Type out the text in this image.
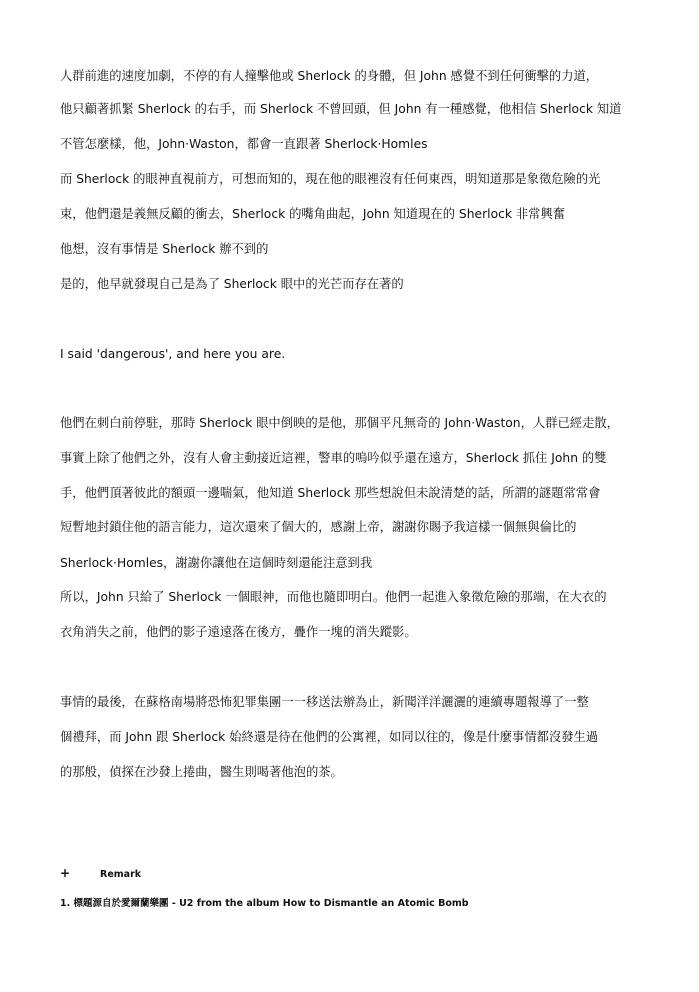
人群前進的速度加劇，不停的有人撞擊他或 Sherlock 的身體，但 John 感覺不到任何衝擊的力道，
他只顧著抓緊 Sherlock 的右手，而 Sherlock 不曾回頭，但 John 有一種感覺，他相信 Sherlock 知道
不管怎麼樣，他，John·Waston，都會一直跟著 Sherlock·Homles
而 Sherlock 的眼神直視前方，可想而知的，現在他的眼裡沒有任何東西，明知道那是象徵危險的光
束，他們還是義無反顧的衝去，Sherlock 的嘴角曲起，John 知道現在的 Sherlock 非常興奮
他想，沒有事情是 Sherlock 辦不到的
是的，他早就發現自己是為了 Sherlock 眼中的光芒而存在著的
I said 'dangerous', and here you are.
他們在刺白前停駐，那時 Sherlock 眼中倒映的是他，那個平凡無奇的 John·Waston，人群已經走散，
事實上除了他們之外，沒有人會主動接近這裡，警車的嗚吟似乎還在遠方，Sherlock 抓住 John 的雙
手，他們頂著彼此的額頭一邊喘氣，他知道 Sherlock 那些想說但未說清楚的話，所謂的謎題常常會
短暫地封鎖住他的語言能力，這次還來了個大的，感謝上帝，謝謝你賜予我這樣一個無與倫比的
Sherlock·Homles，謝謝你讓他在這個時刻還能注意到我
所以，John 只給了 Sherlock 一個眼神，而他也隨即明白。他們一起進入象徵危險的那端，在大衣的
衣角消失之前，他們的影子遠遠落在後方，疊作一塊的消失蹤影。
事情的最後，在蘇格南場將恐怖犯罪集團一一移送法辦為止，新聞洋洋灑灑的連續專題報導了一整
個禮拜，而 John 跟 Sherlock 始終還是待在他們的公寓裡，如同以往的，像是什麼事情都沒發生過
的那般，偵探在沙發上捲曲，醫生則喝著他泡的茶。
+	Remark
1. 標題源自於愛爾蘭樂團 - U2 from the album How to Dismantle an Atomic Bomb
